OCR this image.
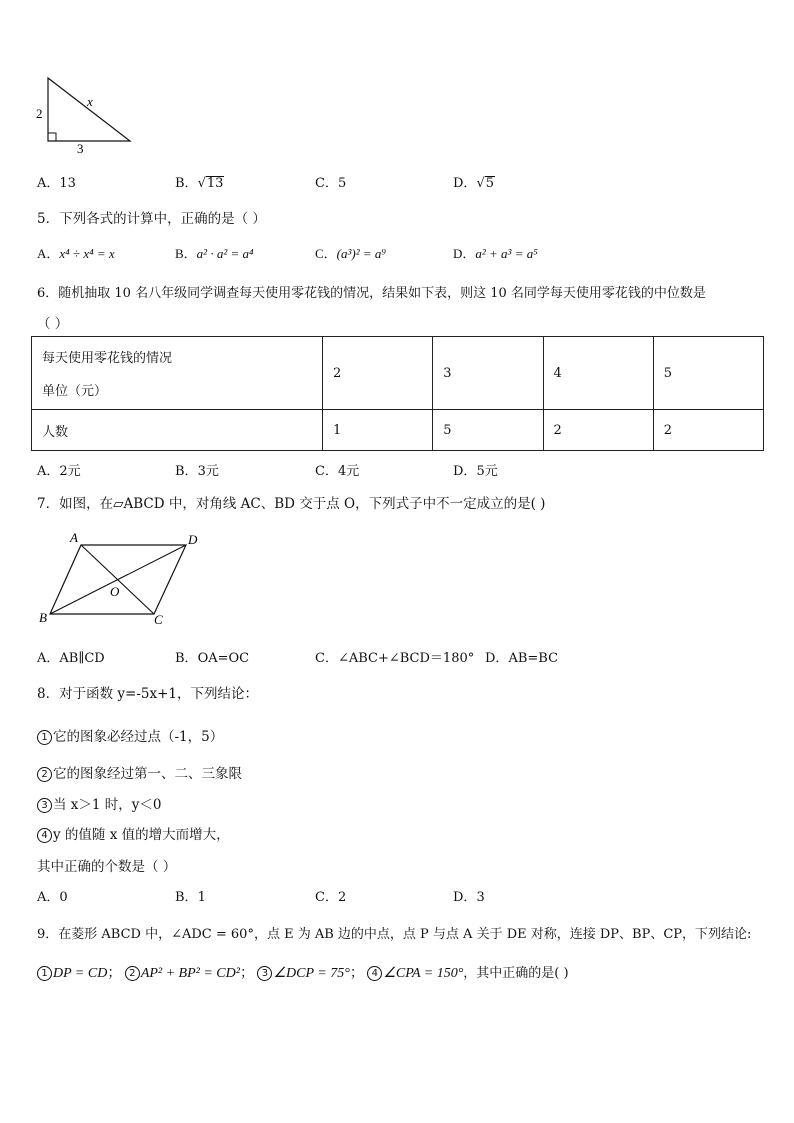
2
x
3
A．13	B．√13	C．5	D．√5
5．下列各式的计算中，正确的是（ ）
A．x⁴ ÷ x⁴ = x	B．a² · a² = a⁴	C．(a³)² = a⁹	D．a² + a³ = a⁵
6．随机抽取 10 名八年级同学调查每天使用零花钱的情况，结果如下表，则这 10 名同学每天使用零花钱的中位数是
（ ）
每天使用零花钱的情况
单位（元）	2	3	4	5
人数	1	5	2	2
A．2元	B．3元	C．4元	D．5元
7．如图，在▱ABCD 中，对角线 AC、BD 交于点 O，下列式子中不一定成立的是( )
A	D
B	C
O
A．AB∥CD	B．OA=OC	C．∠ABC+∠BCD＝180° D．AB=BC
8．对于函数 y=-5x+1，下列结论：
1 它的图象必经过点（-1，5）
2 它的图象经过第一、二、三象限
3 当 x＞1 时，y＜0
4 y 的值随 x 值的增大而增大，
其中正确的个数是（ ）
A．0	B．1	C．2	D．3
9．在菱形 ABCD 中，∠ADC = 60°，点 E 为 AB 边的中点，点 P 与点 A 关于 DE 对称，连接 DP、BP、CP，下列结论:
1 DP = CD； 2 AP² + BP² = CD²； 3 ∠DCP = 75°； 4 ∠CPA = 150°，其中正确的是( )
